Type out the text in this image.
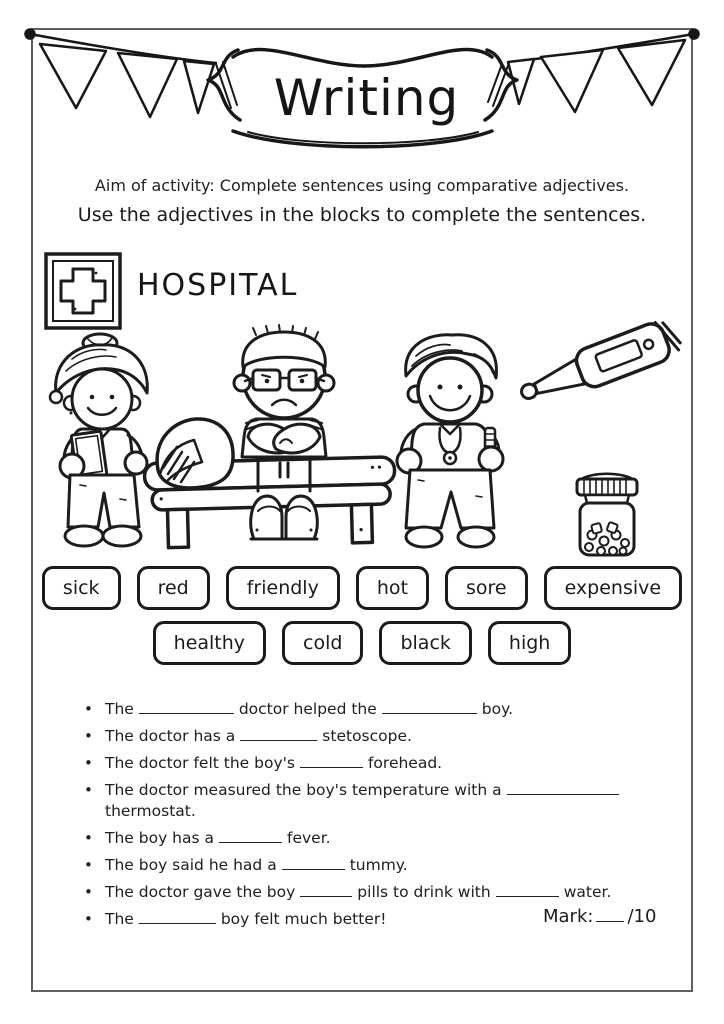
Writing
Aim of activity: Complete sentences using comparative adjectives.
Use the adjectives in the blocks to complete the sentences.
HOSPITAL
sick	red	friendly	hot	sore	expensive
healthy	cold	black	high
• The	doctor helped the	boy.
• The doctor has a	stetoscope.
• The doctor felt the boy's	forehead.
• The doctor measured the boy's temperature with a
thermostat.
• The boy has a	fever.
• The boy said he had a	tummy.
• The doctor gave the boy	pills to drink with	water.
• The	boy felt much better!	Mark: /10
